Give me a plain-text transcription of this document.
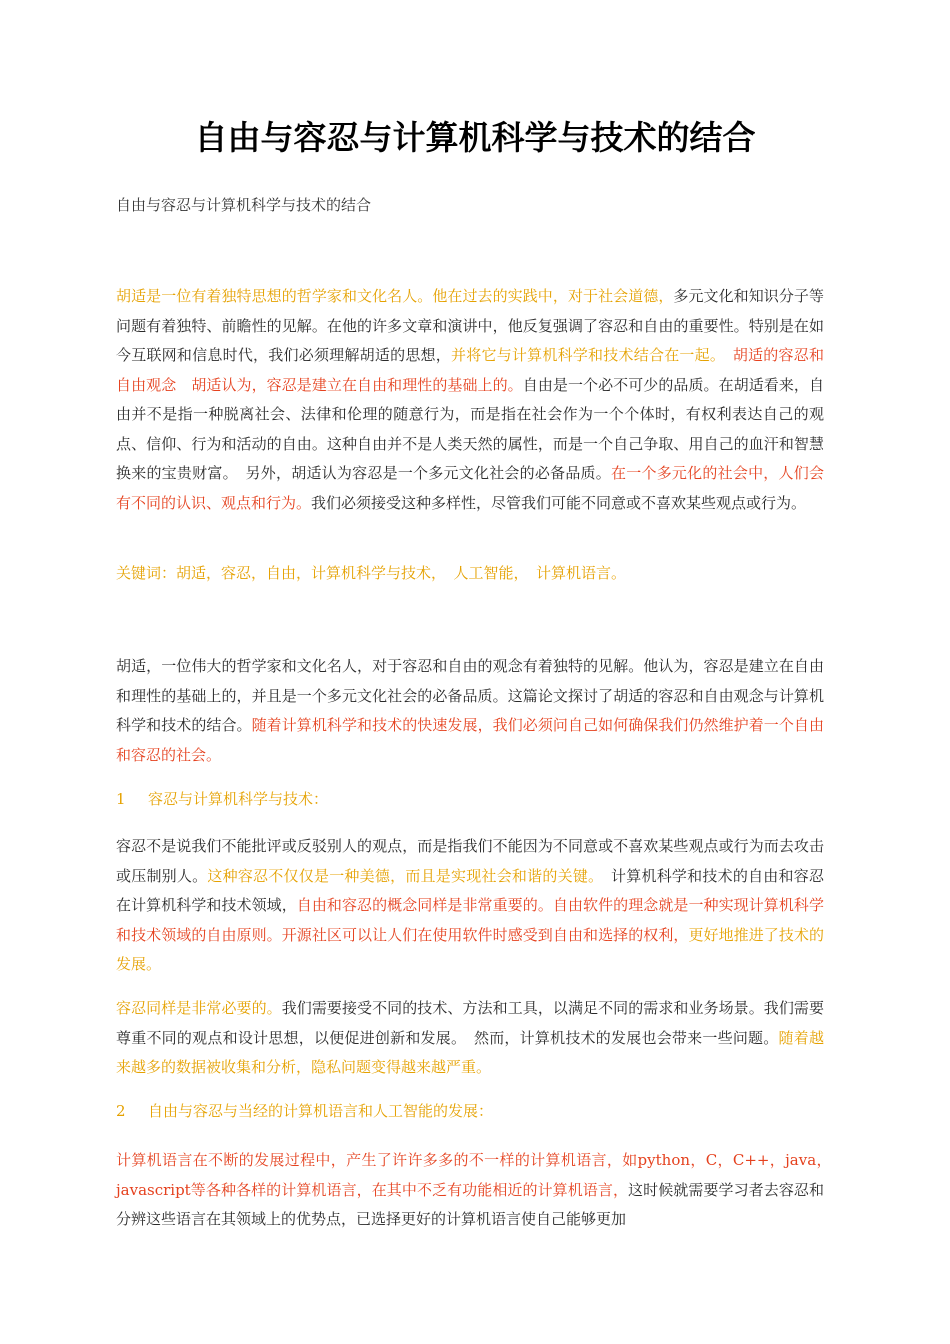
自由与容忍与计算机科学与技术的结合
自由与容忍与计算机科学与技术的结合
胡适是一位有着独特思想的哲学家和文化名人。他在过去的实践中，对于社会道德，多元文化和知识分子等问题有着独特、前瞻性的见解。在他的许多文章和演讲中，他反复强调了容忍和自由的重要性。特别是在如今互联网和信息时代，我们必须理解胡适的思想，并将它与计算机科学和技术结合在一起。　胡适的容忍和自由观念　胡适认为，容忍是建立在自由和理性的基础上的。自由是一个必不可少的品质。在胡适看来，自由并不是指一种脱离社会、法律和伦理的随意行为，而是指在社会作为一个个体时，有权利表达自己的观点、信仰、行为和活动的自由。这种自由并不是人类天然的属性，而是一个自己争取、用自己的血汗和智慧换来的宝贵财富。　另外，胡适认为容忍是一个多元文化社会的必备品质。在一个多元化的社会中，人们会有不同的认识、观点和行为。我们必须接受这种多样性，尽管我们可能不同意或不喜欢某些观点或行为。
关键词：胡适，容忍，自由，计算机科学与技术，　人工智能，　计算机语言。
胡适，一位伟大的哲学家和文化名人，对于容忍和自由的观念有着独特的见解。他认为，容忍是建立在自由和理性的基础上的，并且是一个多元文化社会的必备品质。这篇论文探讨了胡适的容忍和自由观念与计算机科学和技术的结合。随着计算机科学和技术的快速发展，我们必须问自己如何确保我们仍然维护着一个自由和容忍的社会。
1 容忍与计算机科学与技术：
容忍不是说我们不能批评或反驳别人的观点，而是指我们不能因为不同意或不喜欢某些观点或行为而去攻击或压制别人。这种容忍不仅仅是一种美德，而且是实现社会和谐的关键。　计算机科学和技术的自由和容忍　在计算机科学和技术领域，自由和容忍的概念同样是非常重要的。自由软件的理念就是一种实现计算机科学和技术领域的自由原则。开源社区可以让人们在使用软件时感受到自由和选择的权利，更好地推进了技术的发展。
容忍同样是非常必要的。我们需要接受不同的技术、方法和工具，以满足不同的需求和业务场景。我们需要尊重不同的观点和设计思想，以便促进创新和发展。　然而，计算机技术的发展也会带来一些问题。随着越来越多的数据被收集和分析，隐私问题变得越来越严重。
2 自由与容忍与当经的计算机语言和人工智能的发展：
计算机语言在不断的发展过程中，产生了许许多多的不一样的计算机语言，如python，C，C++，java，　javascript等各种各样的计算机语言，在其中不乏有功能相近的计算机语言，这时候就需要学习者去容忍和分辨这些语言在其领域上的优势点，已选择更好的计算机语言使自己能够更加
